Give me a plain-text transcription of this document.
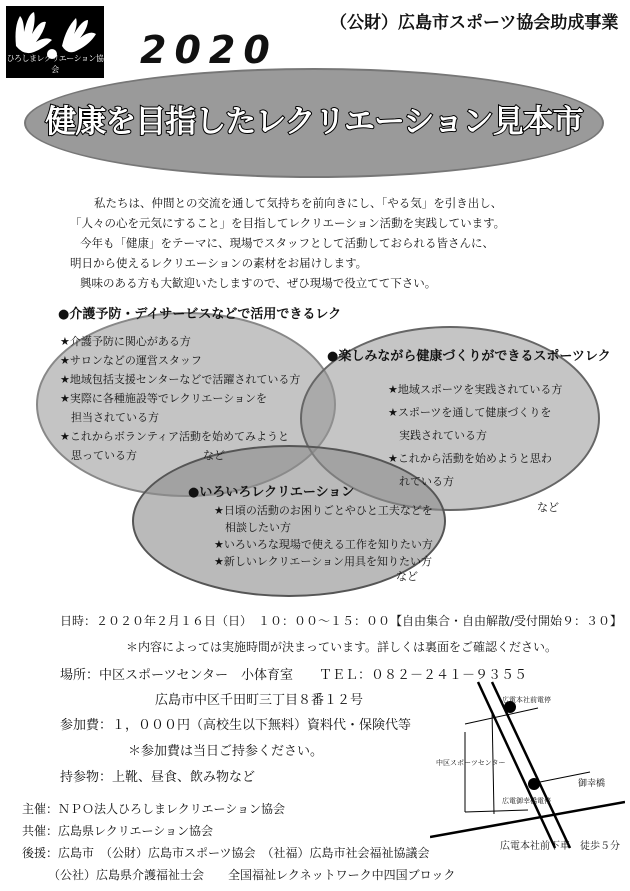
ひろしまレクリエーション協会
（公財）広島市スポーツ協会助成事業
2020
健康を目指したレクリエーション見本市
私たちは、仲間との交流を通して気持ちを前向きにし、「やる気」を引き出し、
「人々の心を元気にすること」を目指してレクリエーション活動を実践しています。
今年も「健康」をテーマに、現場でスタッフとして活動しておられる皆さんに、
明日から使えるレクリエーションの素材をお届けします。
興味のある方も大歓迎いたしますので、ぜひ現場で役立てて下さい。
●介護予防・デイサービスなどで活用できるレク
★介護予防に関心がある方
★サロンなどの運営スタッフ
★地域包括支援センターなどで活躍されている方
★実際に各種施設等でレクリエーションを
　担当されている方
★これからボランティア活動を始めてみようと
　思っている方　　　　　　など
●楽しみながら健康づくりができるスポーツレク
★地域スポーツを実践されている方
★スポーツを通して健康づくりを
　実践されている方
★これから活動を始めようと思わ
　れている方
など
●いろいろレクリエーション
★日頃の活動のお困りごとやひと工夫などを
　相談したい方
★いろいろな現場で使える工作を知りたい方
★新しいレクリエーション用具を知りたい方
など
日時：２０２０年２月１６日（日）　１０：００～１５：００【自由集合・自由解散/受付開始９：３０】
＊内容によっては実施時間が決まっています。詳しくは裏面をご確認ください。
場所：中区スポーツセンター　小体育室　　ＴＥＬ：０８２－２４１－９３５５
広島市中区千田町三丁目８番１２号
参加費：１，０００円（高校生以下無料）資料代・保険代等
＊参加費は当日ご持参ください。
持参物：上靴、昼食、飲み物など
広電本社前電停
中区スポーツセンター
広電御幸橋電停
御幸橋
広電本社前下車　徒歩５分
主催：ＮＰＯ法人ひろしまレクリエーション協会
共催：広島県レクリエーション協会
後援：広島市　（公財）広島市スポーツ協会　（社福）広島市社会福祉協議会
（公社）広島県介護福祉士会　　全国福祉レクネットワーク中四国ブロック
